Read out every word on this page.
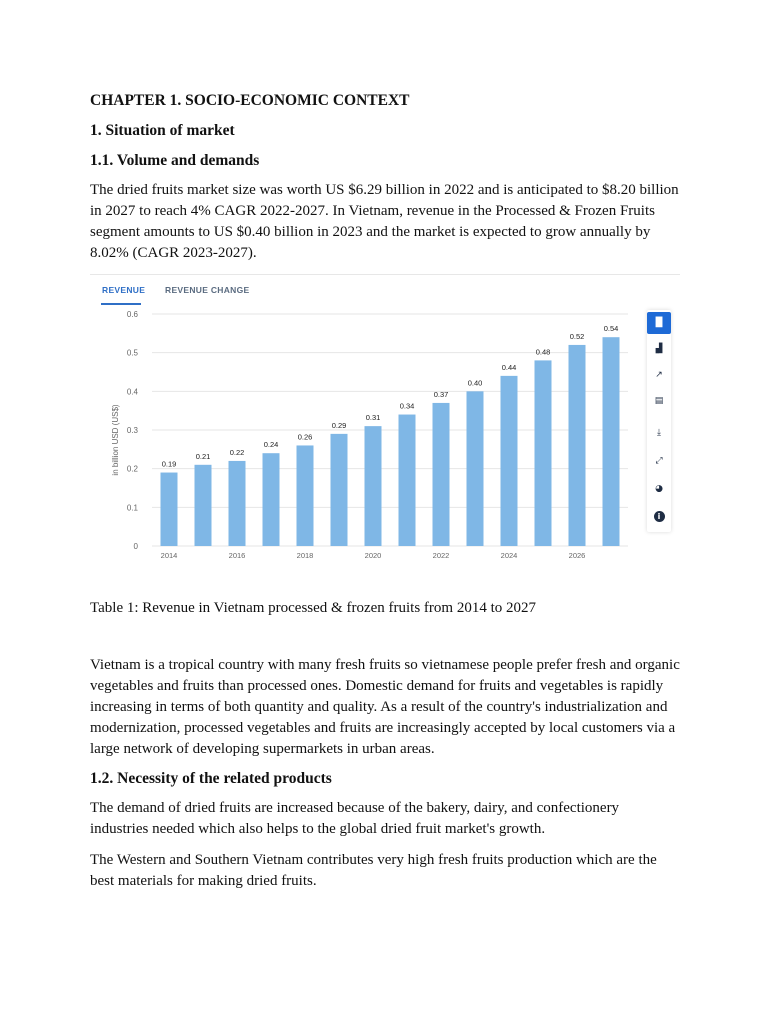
CHAPTER 1. SOCIO-ECONOMIC CONTEXT
1. Situation of market
1.1. Volume and demands

The dried fruits market size was worth US $6.29 billion in 2022 and is anticipated to $8.20 billion in 2027 to reach 4% CAGR 2022-2027. In Vietnam, revenue in the Processed & Frozen Fruits segment amounts to US $0.40 billion in 2023 and the market is expected to grow annually by 8.02% (CAGR 2023-2027).

REVENUE REVENUE CHANGE
0
0.1
0.2
0.3
0.4
0.5
0.6
in billion USD (US$)	0.19
2014
0.21	0.22
2016
0.24
0.26
2018
0.29
0.31
2020
0.34
0.37
2022
0.40
0.44
2024
0.48
0.52
2026
0.54
▐▌
▗▌
↗
▤
⤓
⤢
◕
i

Table 1: Revenue in Vietnam processed & frozen fruits from 2014 to 2027

Vietnam is a tropical country with many fresh fruits so vietnamese people prefer fresh and organic vegetables and fruits than processed ones. Domestic demand for fruits and vegetables is rapidly increasing in terms of both quantity and quality. As a result of the country's industrialization and modernization, processed vegetables and fruits are increasingly accepted by local customers via a large network of developing supermarkets in urban areas.

1.2. Necessity of the related products

The demand of dried fruits are increased because of the bakery, dairy, and confectionery industries needed which also helps to the global dried fruit market's growth.

The Western and Southern Vietnam contributes very high fresh fruits production which are the best materials for making dried fruits.
